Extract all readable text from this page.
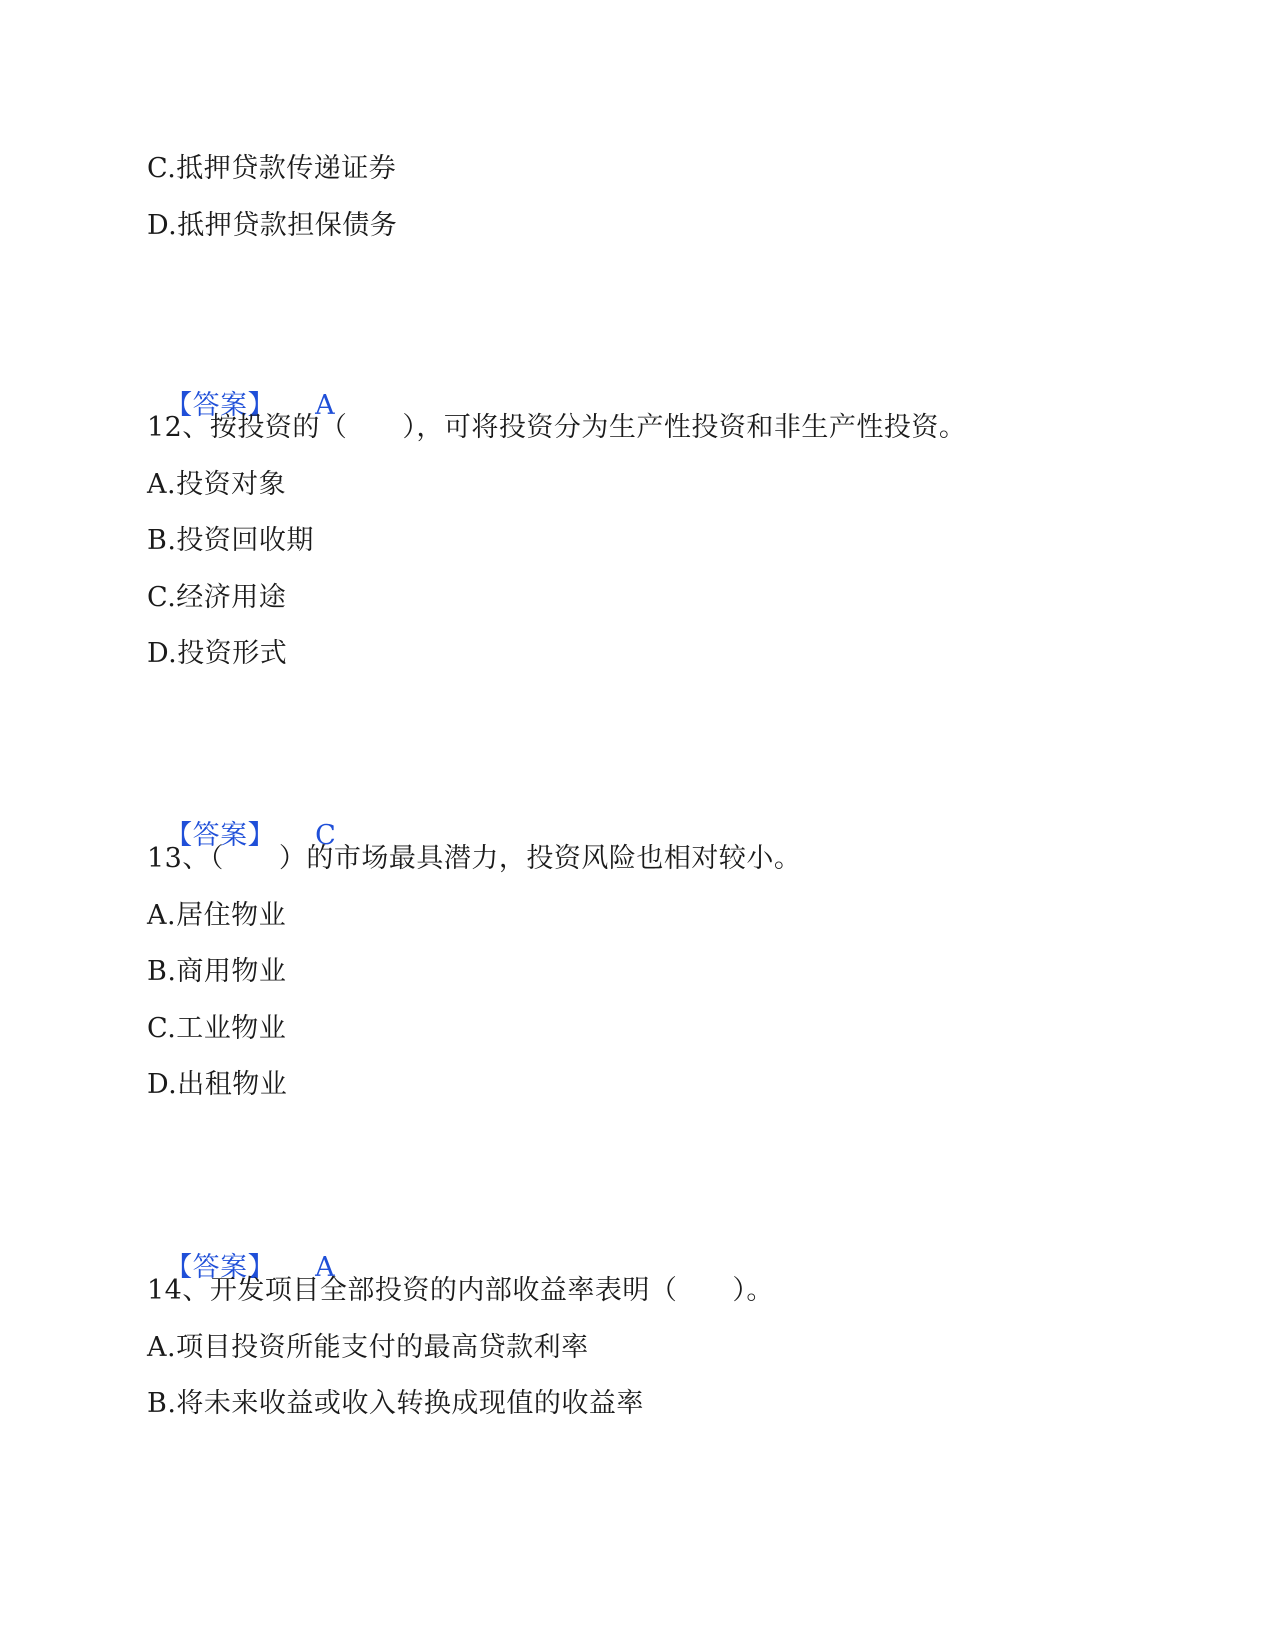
C.抵押贷款传递证券
D.抵押贷款担保债务

【答案】 A

12、按投资的（　　），可将投资分为生产性投资和非生产性投资。
A.投资对象
B.投资回收期
C.经济用途
D.投资形式

【答案】 C

13、（　　）的市场最具潜力，投资风险也相对较小。
A.居住物业
B.商用物业
C.工业物业
D.出租物业

【答案】 A

14、开发项目全部投资的内部收益率表明（　　）。
A.项目投资所能支付的最高贷款利率
B.将未来收益或收入转换成现值的收益率
